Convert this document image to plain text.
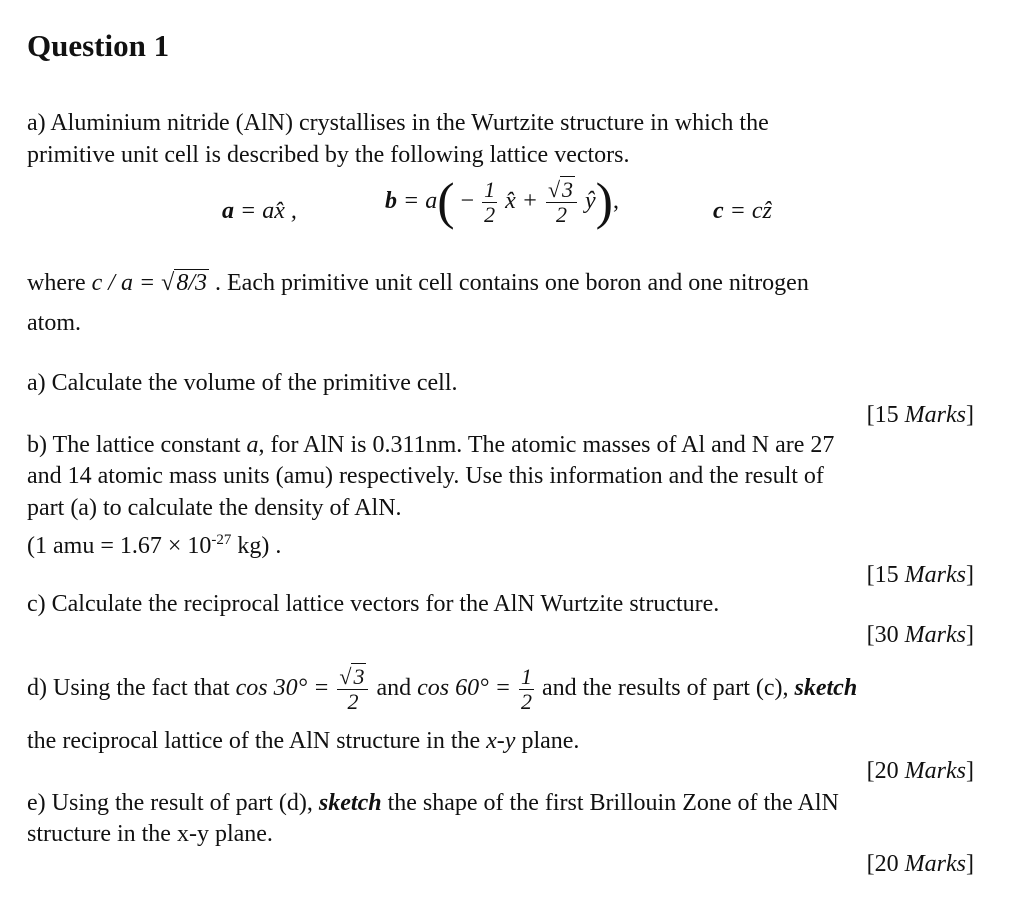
Question 1
a) Aluminium nitride (AlN) crystallises in the Wurtzite structure in which the
primitive unit cell is described by the following lattice vectors.
a = ax̂ ,	$b = a( - \frac{1}{2}$ x̂ + $\frac{√3}{2}$ ŷ),	c = cẑ
where c / a = √8/3 . Each primitive unit cell contains one boron and one nitrogen
atom.
a) Calculate the volume of the primitive cell.
[15 Marks]
b) The lattice constant a, for AlN is 0.311nm. The atomic masses of Al and N are 27
and 14 atomic mass units (amu) respectively. Use this information and the result of
part (a) to calculate the density of AlN.
(1 amu = $1.67 \times 10^{-27}$ kg) .
[15 Marks]
c) Calculate the reciprocal lattice vectors for the AlN Wurtzite structure.
[30 Marks]
d) Using the fact that $\cos 30^\circ = \frac{√3}{2}$ and $\cos 60^\circ = \frac{1}{2}$ and the results of part (c), sketch
the reciprocal lattice of the AlN structure in the x-y plane.
[20 Marks]
e) Using the result of part (d), sketch the shape of the first Brillouin Zone of the AlN
structure in the x-y plane.
[20 Marks]
